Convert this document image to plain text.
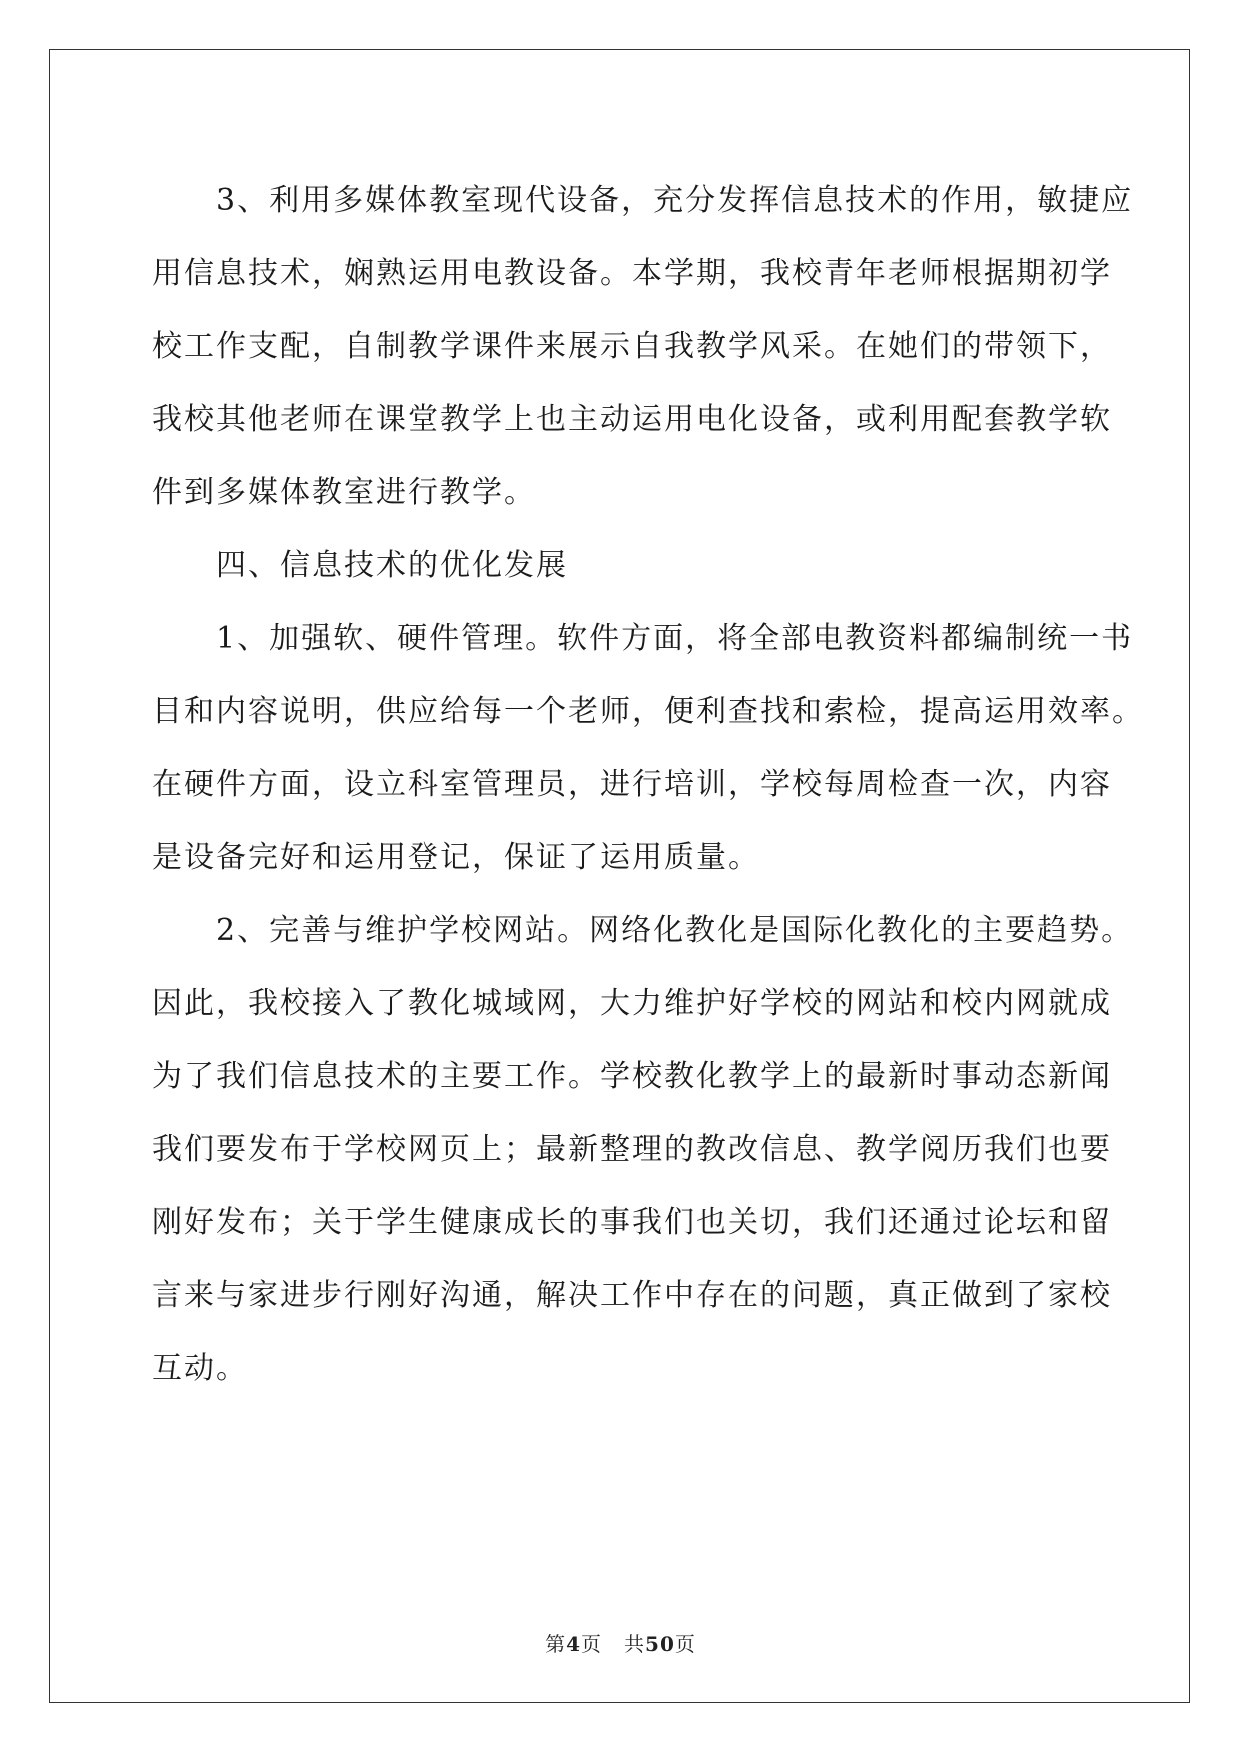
3、利用多媒体教室现代设备，充分发挥信息技术的作用，敏捷应
用信息技术，娴熟运用电教设备。本学期，我校青年老师根据期初学
校工作支配，自制教学课件来展示自我教学风采。在她们的带领下，
我校其他老师在课堂教学上也主动运用电化设备，或利用配套教学软
件到多媒体教室进行教学。
四、信息技术的优化发展
1、加强软、硬件管理。软件方面，将全部电教资料都编制统一书
目和内容说明，供应给每一个老师，便利查找和索检，提高运用效率。
在硬件方面，设立科室管理员，进行培训，学校每周检查一次，内容
是设备完好和运用登记，保证了运用质量。
2、完善与维护学校网站。网络化教化是国际化教化的主要趋势。
因此，我校接入了教化城域网，大力维护好学校的网站和校内网就成
为了我们信息技术的主要工作。学校教化教学上的最新时事动态新闻
我们要发布于学校网页上；最新整理的教改信息、教学阅历我们也要
刚好发布；关于学生健康成长的事我们也关切，我们还通过论坛和留
言来与家进步行刚好沟通，解决工作中存在的问题，真正做到了家校
互动。
第4页 共50页
